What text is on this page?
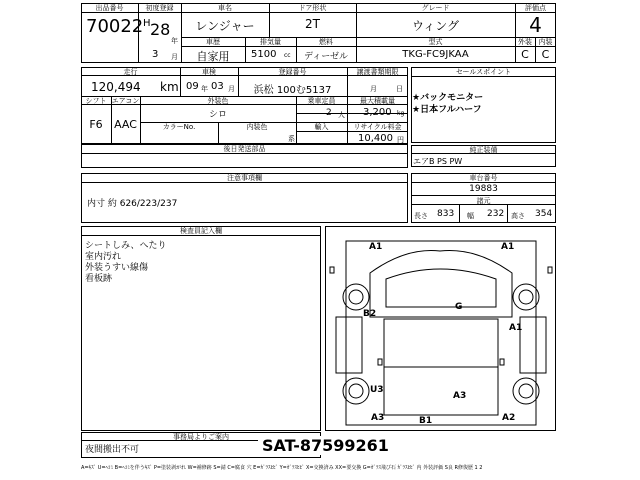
出品番号
70022
初度登録
H 28
年
3 月
車名
レンジャー
ドア形状
2T
グレード
ウィング
評価点
4
車歴
自家用
排気量
5100 cc
燃料
ディーゼル
型式
TKG-FC9JKAA
外装
C
内装
C
走行
120,494 km
車検
09 年 03 月
登録番号
浜松 100む5137
譲渡書類期限
月	日
シフト
F6
エアコン
AAC
外装色
シロ
カラーNo.	内装色
系
乗車定員
2 人
最大積載量
3,200 kg
輸入	リサイクル料金
10,400 円
後日発送部品
セールスポイント
★バックモニター
★日本フルハーフ
純正装備
エアB PS PW
注意事項欄
内寸 約 626/223/237
車台番号
19883
諸元
長さ 833 幅 232 高さ 354
検査員記入欄
シートしみ、へたり
室内汚れ
外装うすい線傷
看板跡
事務局よりご案内
夜間搬出不可	SAT-87599261
A=ｷｽﾞ U=ﾍｺﾐ B=ﾍｺﾐを伴うｷｽﾞ P=塗装剥がれ W=補修跡 S=錆 C=腐食 穴 E=ｶﾞﾗｽﾋﾋﾞ Y=ｶﾞﾗｽﾋﾋﾞ X=交換済み XX=要交換 G=ｶﾞﾗｽ飛び石 ｶﾞﾗｽﾋﾋﾞ 内 外装評価 S良 R修復歴 1 2
A1	A1
G
B2
A1
U3
A3
A3	B1	A2
